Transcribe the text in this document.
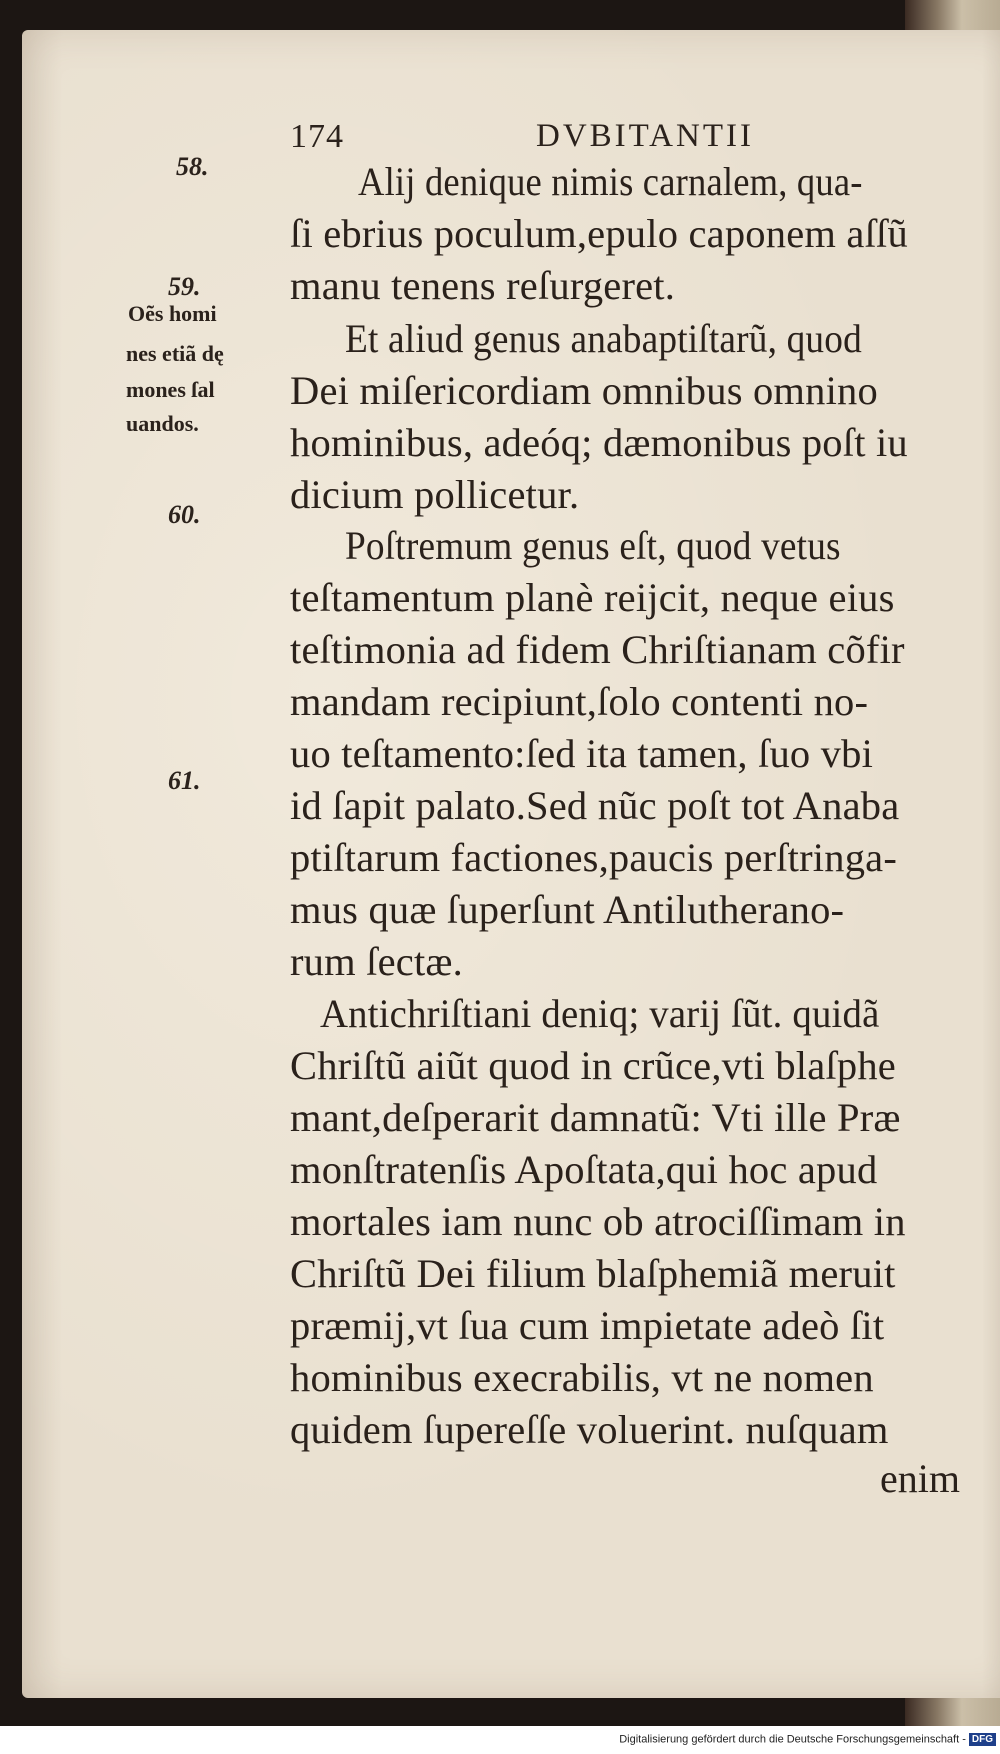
174	DVBITANTII
58.
59.
Oẽs homi
nes etiã dę
mones ſal
uandos.
60.
61.
Alij denique nimis carnalem, qua-
ſi ebrius poculum,epulo caponem aſſũ
manu tenens reſurgeret.
Et aliud genus anabaptiſtarũ, quod
Dei miſericordiam omnibus omnino
hominibus, adeóq; dæmonibus poſt iu
dicium pollicetur.
Poſtremum genus eſt, quod vetus
teſtamentum planè reijcit, neque eius
teſtimonia ad fidem Chriſtianam cõfir
mandam recipiunt,ſolo contenti no-
uo teſtamento:ſed ita tamen, ſuo vbi
id ſapit palato.Sed nũc poſt tot Anaba
ptiſtarum factiones,paucis perſtringa-
mus quæ ſuperſunt Antilutherano-
rum ſectæ.
Antichriſtiani deniq; varij ſũt. quidã
Chriſtũ aiũt quod in crũce,vti blaſphe
mant,deſperarit damnatũ: Vti ille Præ
monſtratenſis Apoſtata,qui hoc apud
mortales iam nunc ob atrociſſimam in
Chriſtũ Dei filium blaſphemiã meruit
præmij,vt ſua cum impietate adeò ſit
hominibus execrabilis, vt ne nomen
quidem ſupereſſe voluerint. nuſquam
enim
Digitalisierung gefördert durch die Deutsche Forschungsgemeinschaft - DFG
